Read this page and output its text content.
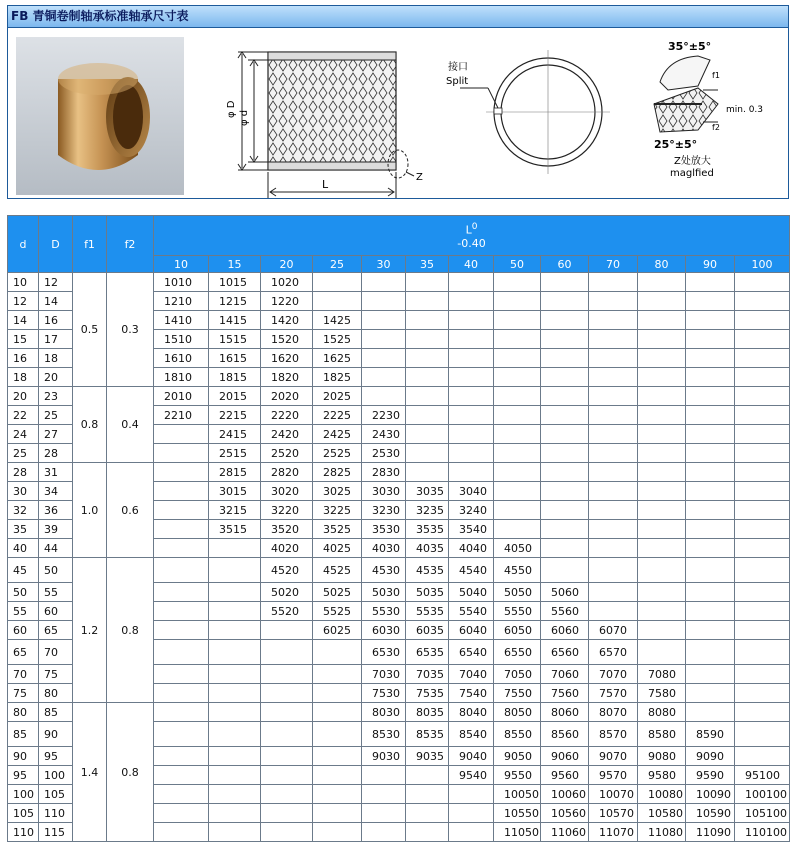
FB 青铜卷制轴承标准轴承尺寸表
φ D φ d
L
Z
接口
Split
35°±5°
25°±5°
f1
f2
min. 0.3
Z处放大
maglfied
d	D	f1	f2	$L^0$
-0.40												
				10	15	20	25	30	35	40	50	60	70	80	90	100
10	12	0.5	0.3	1010	1015	1020										
12	14			1210	1215	1220										
14	16			1410	1415	1420	1425									
15	17			1510	1515	1520	1525									
16	18			1610	1615	1620	1625									
18	20			1810	1815	1820	1825									
20	23	0.8	0.4	2010	2015	2020	2025									
22	25			2210	2215	2220	2225	2230								
24	27				2415	2420	2425	2430								
25	28				2515	2520	2525	2530								
28	31	1.0	0.6		2815	2820	2825	2830								
30	34				3015	3020	3025	3030	3035	3040						
32	36				3215	3220	3225	3230	3235	3240						
35	39				3515	3520	3525	3530	3535	3540						
40	44					4020	4025	4030	4035	4040	4050					
45	50	1.2	0.8			4520	4525	4530	4535	4540	4550					
50	55					5020	5025	5030	5035	5040	5050	5060				
55	60					5520	5525	5530	5535	5540	5550	5560				
60	65						6025	6030	6035	6040	6050	6060	6070			
65	70							6530	6535	6540	6550	6560	6570			
70	75							7030	7035	7040	7050	7060	7070	7080		
75	80							7530	7535	7540	7550	7560	7570	7580		
80	85	1.4	0.8					8030	8035	8040	8050	8060	8070	8080		
85	90							8530	8535	8540	8550	8560	8570	8580	8590	
90	95							9030	9035	9040	9050	9060	9070	9080	9090	
95	100									9540	9550	9560	9570	9580	9590	95100
100	105										10050	10060	10070	10080	10090	100100
105	110										10550	10560	10570	10580	10590	105100
110	115										11050	11060	11070	11080	11090	110100
